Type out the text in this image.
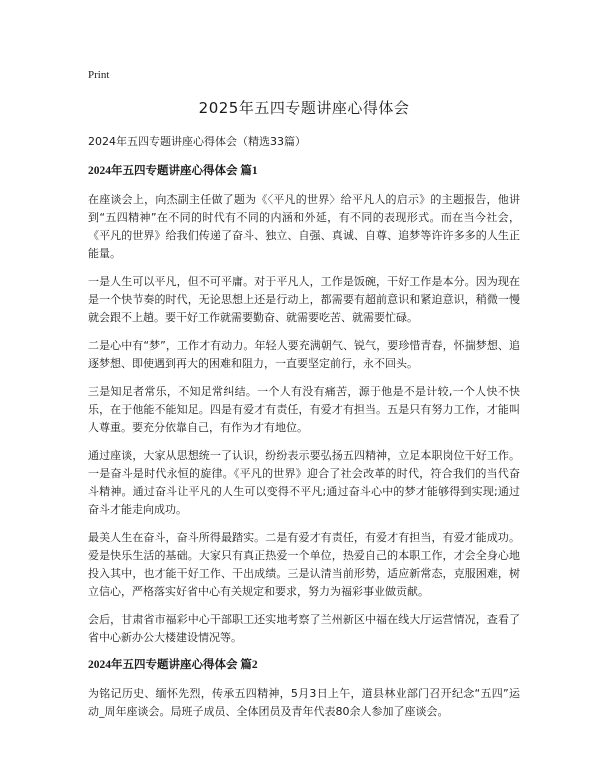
Print
2025年五四专题讲座心得体会
2024年五四专题讲座心得体会（精选33篇）
2024年五四专题讲座心得体会 篇1

在座谈会上，向杰副主任做了题为《〈平凡的世界〉给平凡人的启示》的主题报告，他讲到“五四精神”在不同的时代有不同的内涵和外延，有不同的表现形式。而在当今社会，《平凡的世界》给我们传递了奋斗、独立、自强、真诚、自尊、追梦等许许多多的人生正能量。

一是人生可以平凡，但不可平庸。对于平凡人，工作是饭碗，干好工作是本分。因为现在是一个快节奏的时代，无论思想上还是行动上，都需要有超前意识和紧迫意识，稍微一慢就会跟不上趟。要干好工作就需要勤奋、就需要吃苦、就需要忙碌。

二是心中有“梦”，工作才有动力。年轻人要充满朝气、锐气，要珍惜青春，怀揣梦想、追逐梦想、即使遇到再大的困难和阻力，一直要坚定前行，永不回头。

三是知足者常乐，不知足常纠结。一个人有没有痛苦，源于他是不是计较,一个人快不快乐，在于他能不能知足。四是有爱才有责任，有爱才有担当。五是只有努力工作，才能叫人尊重。要充分依靠自己，有作为才有地位。

通过座谈，大家从思想统一了认识，纷纷表示要弘扬五四精神，立足本职岗位干好工作。一是奋斗是时代永恒的旋律。《平凡的世界》迎合了社会改革的时代，符合我们的当代奋斗精神。通过奋斗让平凡的人生可以变得不平凡;通过奋斗心中的梦才能够得到实现;通过奋斗才能走向成功。

最美人生在奋斗，奋斗所得最踏实。二是有爱才有责任，有爱才有担当，有爱才能成功。爱是快乐生活的基础。大家只有真正热爱一个单位，热爱自己的本职工作，才会全身心地投入其中，也才能干好工作、干出成绩。三是认清当前形势，适应新常态，克服困难，树立信心，严格落实好省中心有关规定和要求，努力为福彩事业做贡献。

会后，甘肃省市福彩中心干部职工还实地考察了兰州新区中福在线大厅运营情况，查看了省中心新办公大楼建设情况等。

2024年五四专题讲座心得体会 篇2

为铭记历史、缅怀先烈，传承五四精神，5月3日上午，道县林业部门召开纪念“五四”运动_周年座谈会。局班子成员、全体团员及青年代表80余人参加了座谈会。
